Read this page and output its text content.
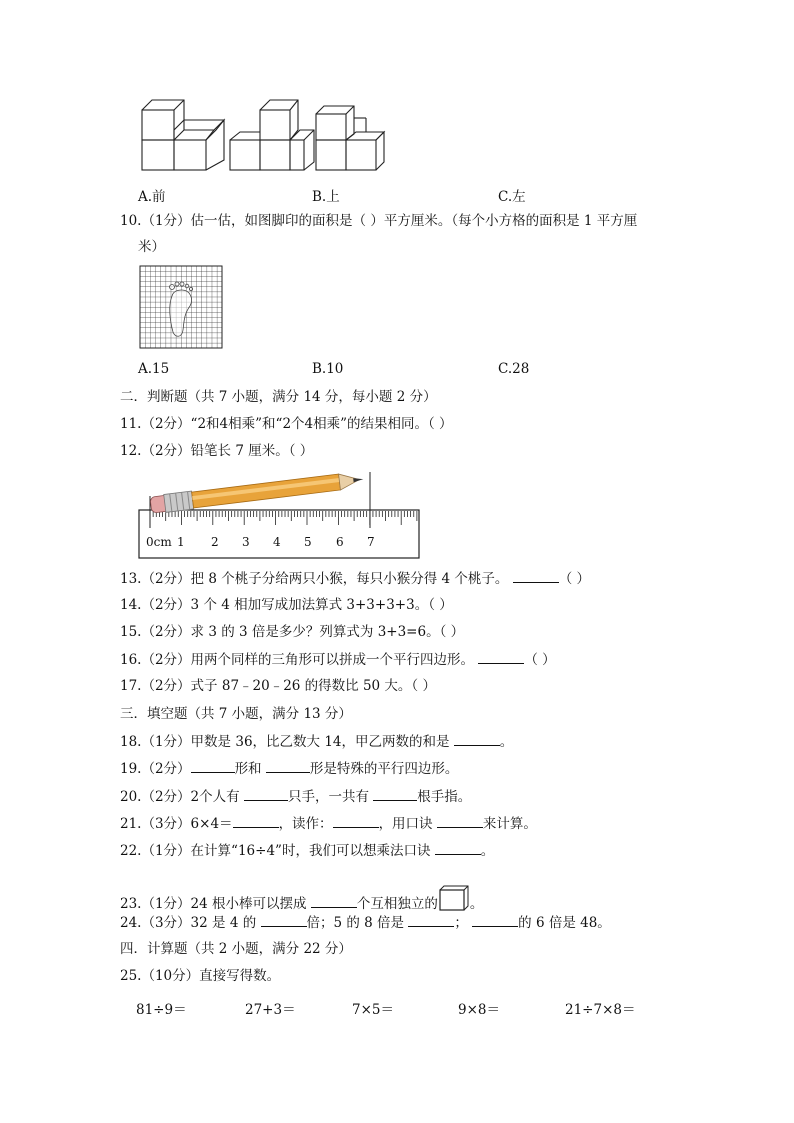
A.前	B.上	C.左
10.（1分）估一估，如图脚印的面积是（ ）平方厘米。（每个小方格的面积是 1 平方厘
米）
A.15	B.10	C.28
二．判断题（共 7 小题，满分 14 分，每小题 2 分）
11.（2分）“2和4相乘”和“2个4相乘”的结果相同。（ ）
12.（2分）铅笔长 7 厘米。（ ）
0cm 1 2 3 4 5 6 7
13.（2分）把 8 个桃子分给两只小猴，每只小猴分得 4 个桃子。	（ ）
14.（2分）3 个 4 相加写成加法算式 3+3+3+3。（ ）
15.（2分）求 3 的 3 倍是多少？列算式为 3+3=6。（ ）
16.（2分）用两个同样的三角形可以拼成一个平行四边形。	（ ）
17.（2分）式子 87﹣20﹣26 的得数比 50 大。（ ）
三．填空题（共 7 小题，满分 13 分）
18.（1分）甲数是 36，比乙数大 14，甲乙两数的和是	。
19.（2分）	形和	形是特殊的平行四边形。
20.（2分）2个人有	只手，一共有	根手指。
21.（3分）6×4＝	，读作：	，用口诀	来计算。
22.（1分）在计算“16÷4”时，我们可以想乘法口诀	。
23.（1分）24 根小棒可以摆成	个互相独立的 。
24.（3分）32 是 4 的	倍；5 的 8 倍是	；	的 6 倍是 48。
四．计算题（共 2 小题，满分 22 分）
25.（10分）直接写得数。
81÷9＝	27+3＝	7×5＝	9×8＝	21÷7×8＝
